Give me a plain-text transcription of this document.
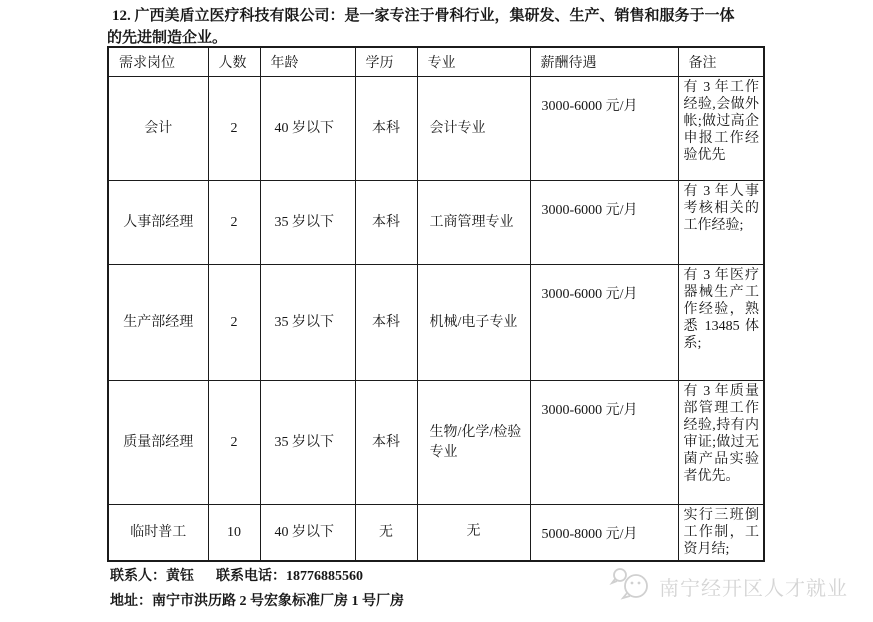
12. 广西美盾立医疗科技有限公司：是一家专注于骨科行业，集研发、生产、销售和服务于一体
的先进制造企业。
需求岗位	人数	年龄	学历	专业	薪酬待遇	备注
会计	2	40 岁以下	本科	会计专业	3000-6000 元/月	有 3 年工作经验,会做外帐;做过高企申报工作经验优先
人事部经理	2	35 岁以下	本科	工商管理专业	3000-6000 元/月	有 3 年人事考核相关的工作经验;
生产部经理	2	35 岁以下	本科	机械/电子专业	3000-6000 元/月	有 3 年医疗器械生产工作经验，熟悉 13485 体系;
质量部经理	2	35 岁以下	本科	生物/化学/检验专业	3000-6000 元/月	有 3 年质量部管理工作经验,持有内审证;做过无菌产品实验者优先。
临时普工	10	40 岁以下	无	无	5000-8000 元/月	实行三班倒工作制，工资月结;
联系人：黄钰 联系电话：18776885560
地址：南宁市洪历路 2 号宏象标准厂房 1 号厂房
南宁经开区人才就业
